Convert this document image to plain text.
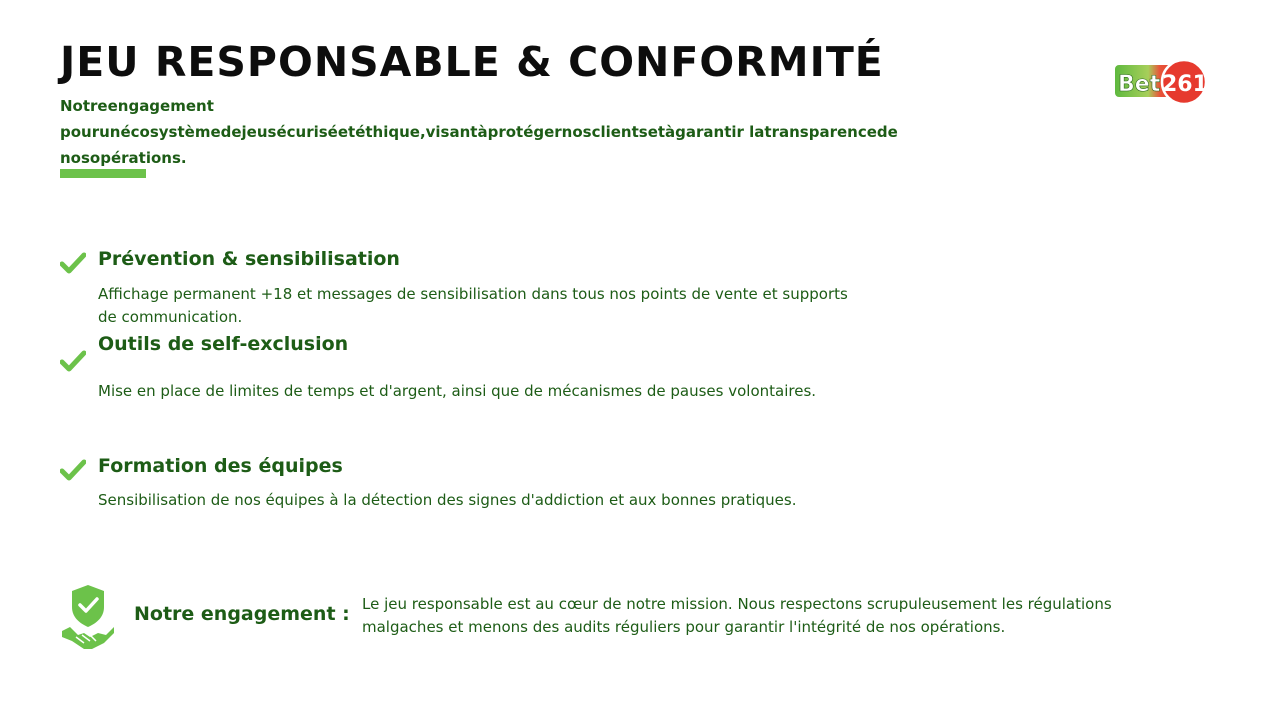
JEU RESPONSABLE & CONFORMITÉ

Notreengagement pourunécosystèmedejeusécuriséetéthique,visantàprotégernosclientsetàgarantir latransparencede nosopérations.

Bet 261
Prévention & sensibilisation

Affichage permanent +18 et messages de sensibilisation dans tous nos points de vente et supports de communication.

Outils de self-exclusion

Mise en place de limites de temps et d'argent, ainsi que de mécanismes de pauses volontaires.

Formation des équipes

Sensibilisation de nos équipes à la détection des signes d'addiction et aux bonnes pratiques.

Notre engagement : Le jeu responsable est au cœur de notre mission. Nous respectons scrupuleusement les régulations malgaches et menons des audits réguliers pour garantir l'intégrité de nos opérations.
